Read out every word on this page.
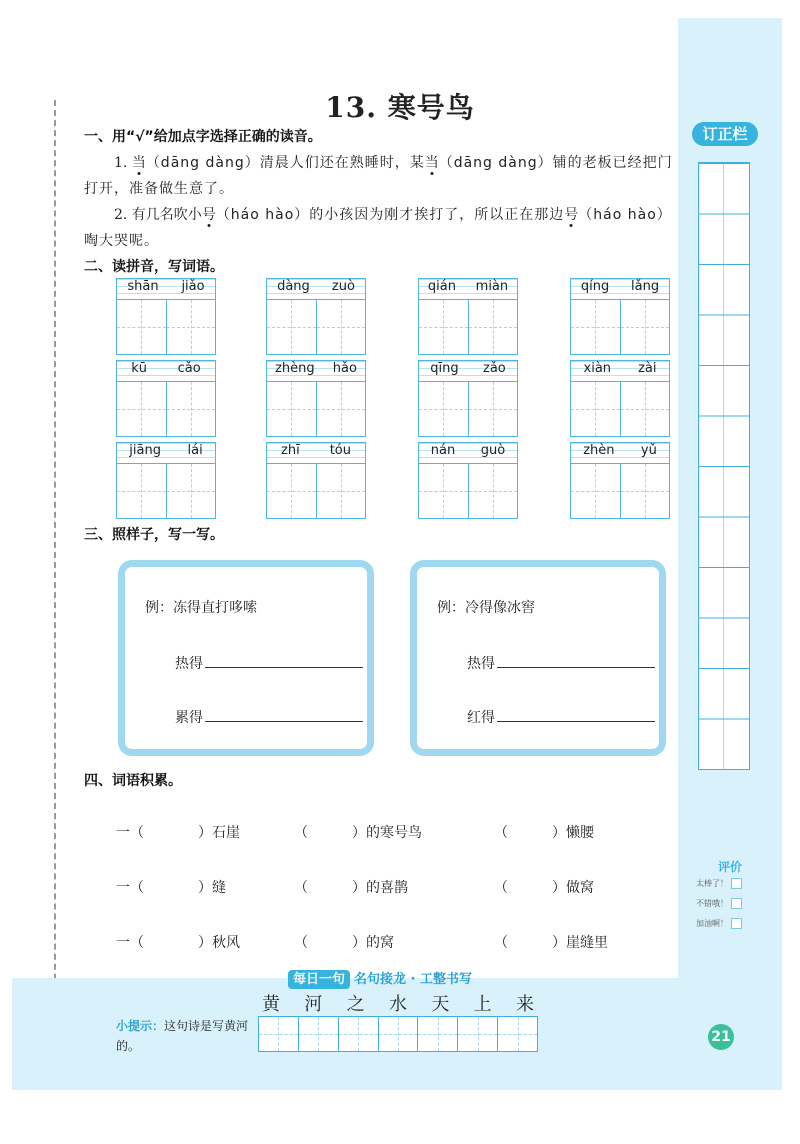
订正栏
评价
太棒了！
不错哦！
加油啊！
21
13. 寒号鸟
一、用“√”给加点字选择正确的读音。
1. 当（dāng dàng）清晨人们还在熟睡时，某当（dāng dàng）铺的老板已经把门打开，准备做生意了。
2. 有几名吹小号（háo hào）的小孩因为刚才挨打了，所以正在那边号（háo hào）啕大哭呢。
二、读拼音，写词语。
shān jiǎo	dàng zuò	qián miàn	qíng lǎng
kū cǎo	zhèng hǎo	qīng zǎo	xiàn zài
jiāng lái	zhī tóu	nán guò	zhèn yǔ
三、照样子，写一写。
例：冻得直打哆嗦
热得
累得
例：冷得像冰窖
热得
红得
四、词语积累。
一（	）石崖	（	）的寒号鸟	（	）懒腰
一（	）缝	（	）的喜鹊	（	）做窝
一（	）秋风	（	）的窝	（	）崖缝里
每日一句 名句接龙 · 工整书写
黄 河 之 水 天 上 来
小提示：这句诗是写黄河的。
